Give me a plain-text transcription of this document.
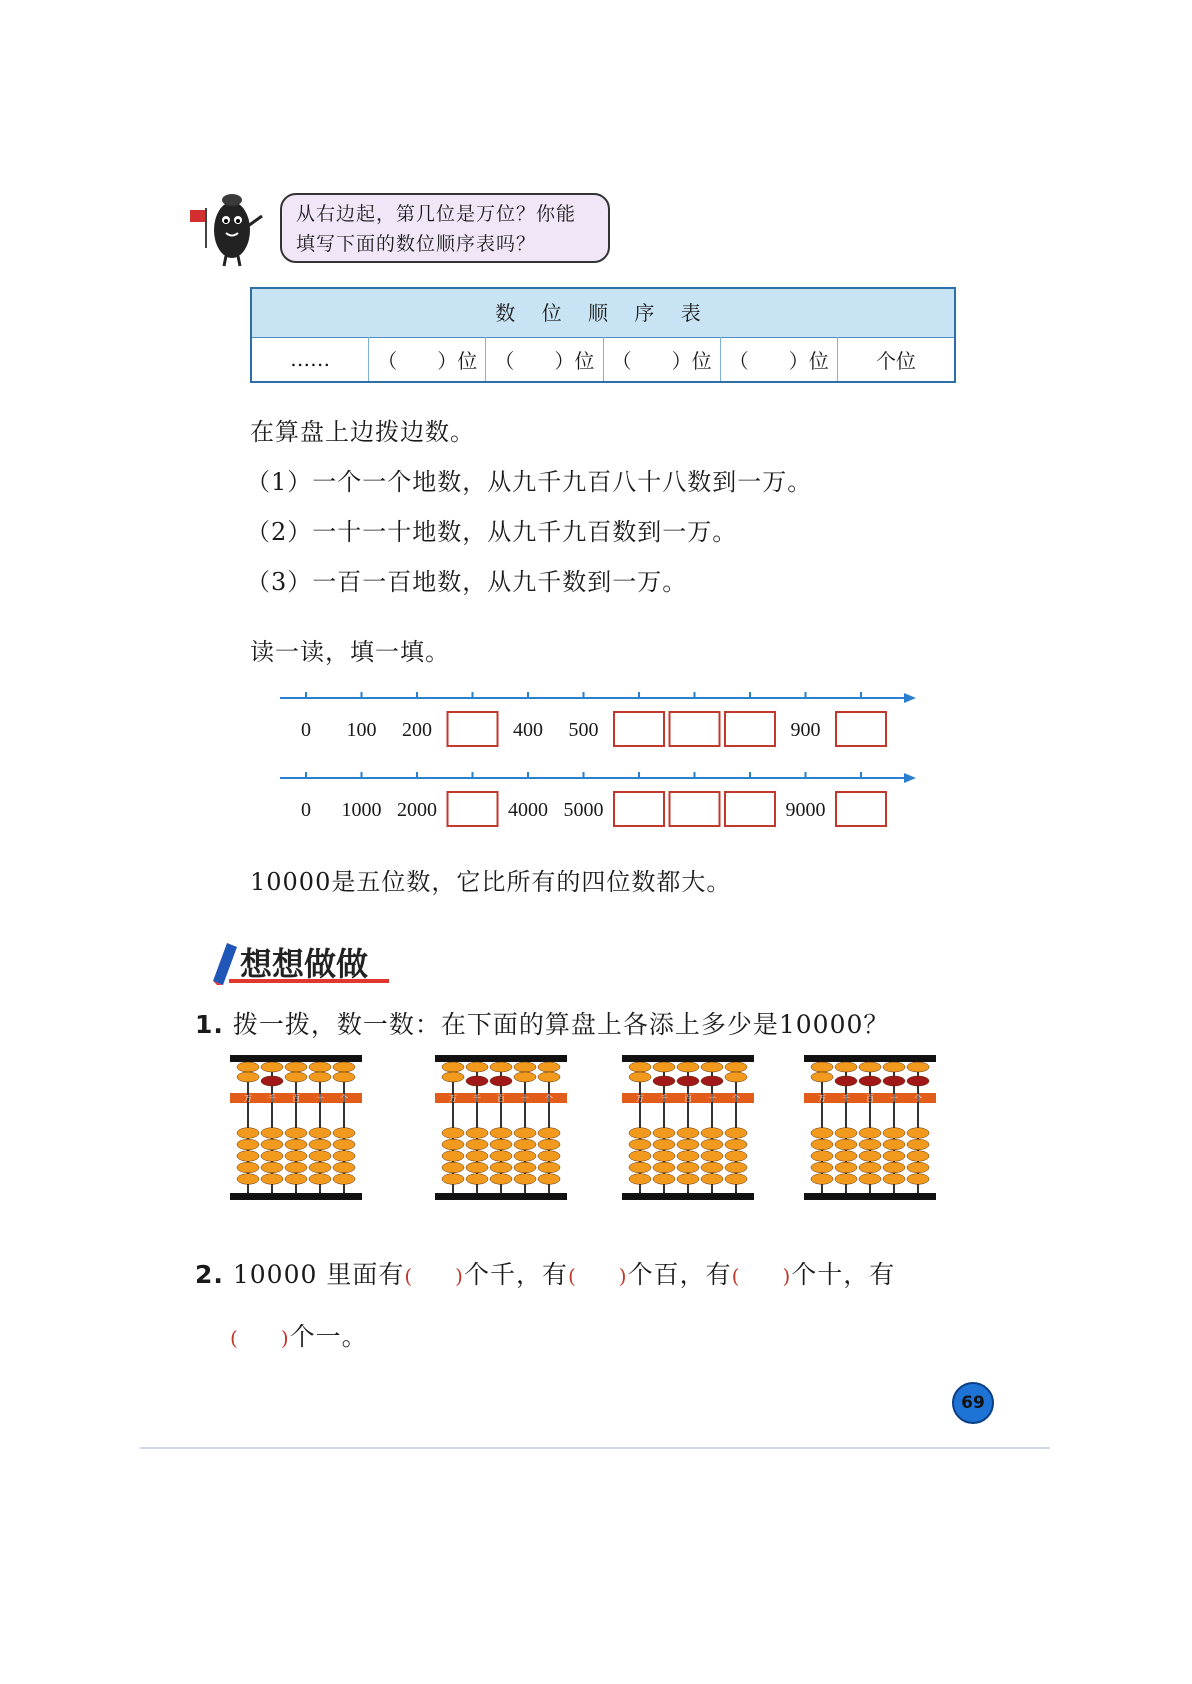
从右边起，第几位是万位？你能填写下面的数位顺序表吗？
数 位 顺 序 表
……	（　　）位 （　　）位 （　　）位 （　　）位	个位
在算盘上边拨边数。
（1）一个一个地数，从九千九百八十八数到一万。
（2）一十一十地数，从九千九百数到一万。
（3）一百一百地数，从九千数到一万。
读一读，填一填。
0 100 200	400 500	900
0 1000 2000	4000 5000	9000
10000是五位数，它比所有的四位数都大。
想想做做
1. 拨一拨，数一数：在下面的算盘上各添上多少是10000？
万 千 百 十 个	万 千 百 十 个	万 千 百 十 个	万 千 百 十 个
2. 10000 里面有( )个千，有( )个百，有( )个十，有
( )个一。
69
